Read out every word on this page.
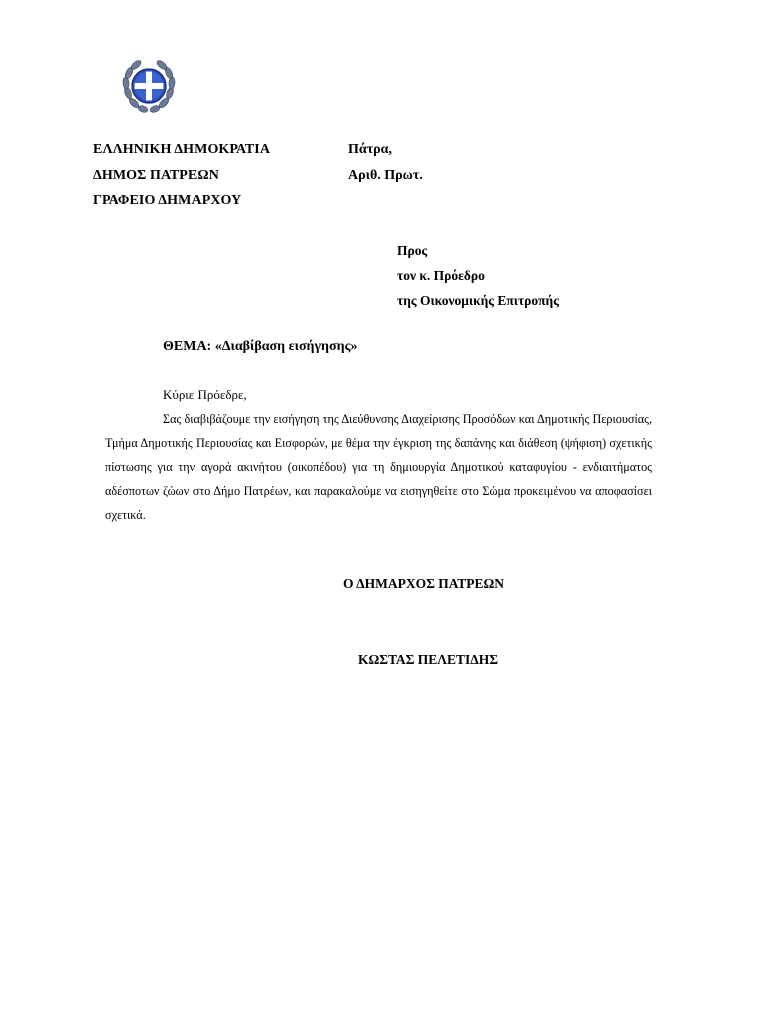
ΕΛΛΗΝΙΚΗ ΔΗΜΟΚΡΑΤΙΑ
ΔΗΜΟΣ ΠΑΤΡΕΩΝ
ΓΡΑΦΕΙΟ ΔΗΜΑΡΧΟΥ
Πάτρα,
Αριθ. Πρωτ.
Προς
τον κ. Πρόεδρο
της Οικονομικής Επιτροπής
ΘΕΜΑ: «Διαβίβαση εισήγησης»
Κύριε Πρόεδρε,

Σας διαβιβάζουμε την εισήγηση της Διεύθυνσης Διαχείρισης Προσόδων και Δημοτικής Περιουσίας, Τμήμα Δημοτικής Περιουσίας και Εισφορών, με θέμα την έγκριση της δαπάνης και διάθεση (ψήφιση) σχετικής πίστωσης για την αγορά ακινήτου (οικοπέδου) για τη δημιουργία Δημοτικού καταφυγίου - ενδιαιτήματος αδέσποτων ζώων στο Δήμο Πατρέων, και παρακαλούμε να εισηγηθείτε στο Σώμα προκειμένου να αποφασίσει σχετικά.

Ο ΔΗΜΑΡΧΟΣ ΠΑΤΡΕΩΝ
ΚΩΣΤΑΣ ΠΕΛΕΤΙΔΗΣ
